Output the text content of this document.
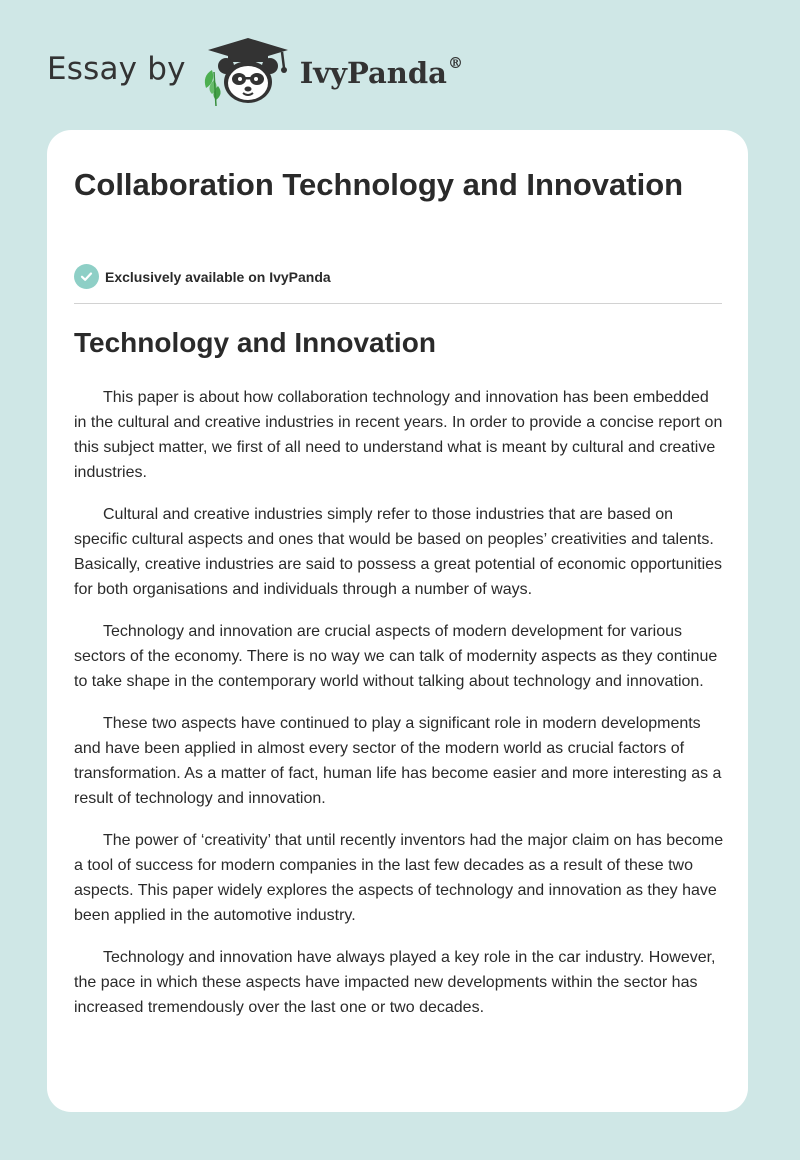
Essay by	IvyPanda®
Collaboration Technology and Innovation
Exclusively available on IvyPanda
Technology and Innovation

This paper is about how collaboration technology and innovation has been embedded in the cultural and creative industries in recent years. In order to provide a concise report on this subject matter, we first of all need to understand what is meant by cultural and creative industries.

Cultural and creative industries simply refer to those industries that are based on specific cultural aspects and ones that would be based on peoples’ creativities and talents. Basically, creative industries are said to possess a great potential of economic opportunities for both organisations and individuals through a number of ways.

Technology and innovation are crucial aspects of modern development for various sectors of the economy. There is no way we can talk of modernity aspects as they continue to take shape in the contemporary world without talking about technology and innovation.

These two aspects have continued to play a significant role in modern developments and have been applied in almost every sector of the modern world as crucial factors of transformation. As a matter of fact, human life has become easier and more interesting as a result of technology and innovation.

The power of ‘creativity’ that until recently inventors had the major claim on has become a tool of success for modern companies in the last few decades as a result of these two aspects. This paper widely explores the aspects of technology and innovation as they have been applied in the automotive industry.

Technology and innovation have always played a key role in the car industry. However, the pace in which these aspects have impacted new developments within the sector has increased tremendously over the last one or two decades.
